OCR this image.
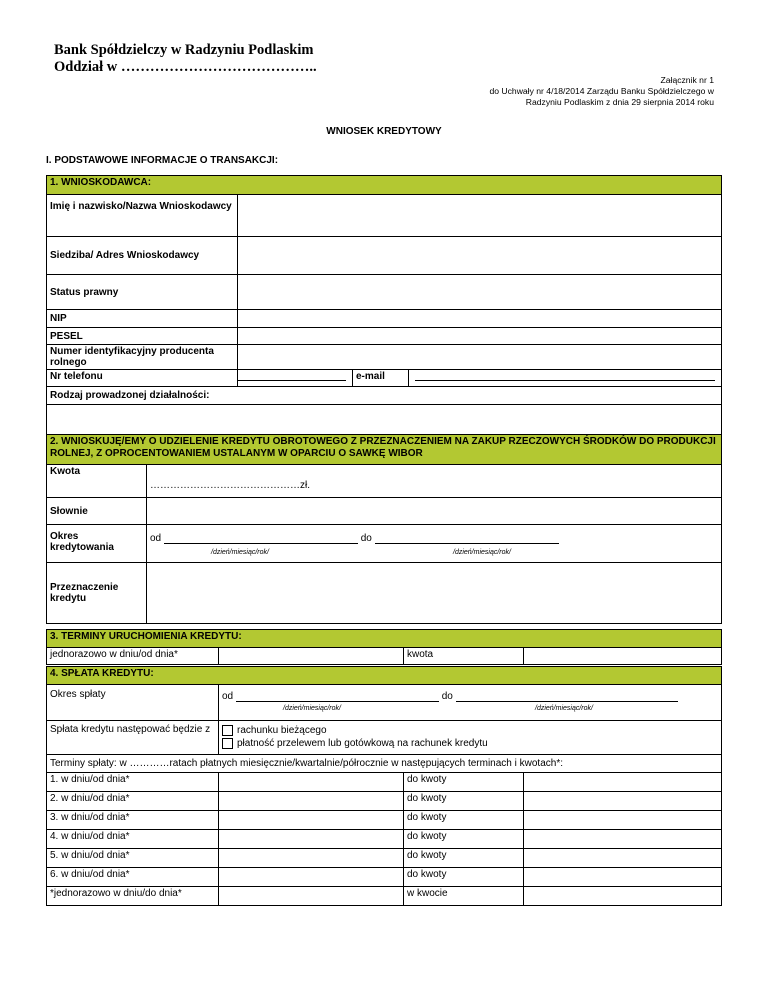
Bank Spółdzielczy w Radzyniu Podlaskim
Oddział w …………………………………..
Załącznik nr 1
do Uchwały nr 4/18/2014 Zarządu Banku Spółdzielczego w
Radzyniu Podlaskim z dnia 29 sierpnia 2014 roku
WNIOSEK KREDYTOWY
I. PODSTAWOWE INFORMACJE O TRANSAKCJI:
1. WNIOSKODAWCA:			
Imię i nazwisko/Nazwa Wnioskodawcy			
Siedziba/ Adres Wnioskodawcy			
Status prawny			
NIP			
PESEL			
Numer identyfikacyjny producenta rolnego			
Nr telefonu		e-mail	
Rodzaj prowadzonej działalności:			

2. WNIOSKUJĘ/EMY O UDZIELENIE KREDYTU OBROTOWEGO Z PRZEZNACZENIEM NA ZAKUP RZECZOWYCH ŚRODKÓW DO PRODUKCJI ROLNEJ, Z OPROCENTOWANIEM USTALANYM W OPARCIU O SAWKĘ WIBOR	
Kwota	………………………………………zł.
Słownie	
Okres kredytowania	od do
/dzień/miesiąc/rok/ /dzień/miesiąc/rok/

Przeznaczenie kredytu	
3. TERMINY URUCHOMIENIA KREDYTU:
jednorazowo w dniu/od dnia*		kwota	
4. SPŁATA KREDYTU:			
Okres spłaty	od do
/dzień/miesiąc/rok/ /dzień/miesiąc/rok/		

Spłata kredytu następować będzie z	rachunku bieżącego
płatność przelewem lub gotówkową na rachunek kredytu		

Terminy spłaty: w …………ratach płatnych miesięcznie/kwartalnie/półrocznie w następujących terminach i kwotach*:			
1. w dniu/od dnia*		do kwoty	
2. w dniu/od dnia*		do kwoty	
3. w dniu/od dnia*		do kwoty	
4. w dniu/od dnia*		do kwoty	
5. w dniu/od dnia*		do kwoty	
6. w dniu/od dnia*		do kwoty	
*jednorazowo w dniu/do dnia*		w kwocie	
